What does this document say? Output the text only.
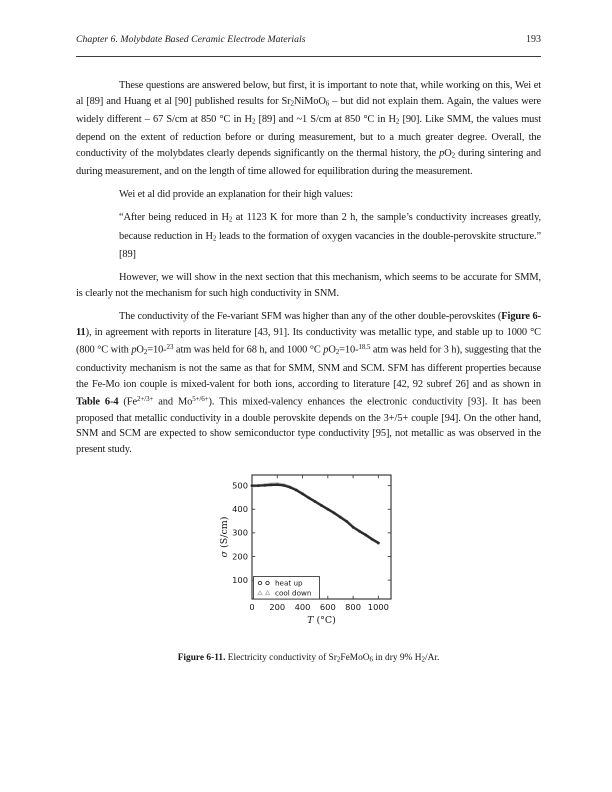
Chapter 6. Molybdate Based Ceramic Electrode Materials	193

These questions are answered below, but first, it is important to note that, while working on this, Wei et al [89] and Huang et al [90] published results for Sr2NiMoO6 – but did not explain them. Again, the values were widely different – 67 S/cm at 850 °C in H2 [89] and ~1 S/cm at 850 °C in H2 [90]. Like SMM, the values must depend on the extent of reduction before or during measurement, but to a much greater degree. Overall, the conductivity of the molybdates clearly depends significantly on the thermal history, the pO2 during sintering and during measurement, and on the length of time allowed for equilibration during the measurement.

Wei et al did provide an explanation for their high values:

“After being reduced in H2 at 1123 K for more than 2 h, the sample’s conductivity increases greatly, because reduction in H2 leads to the formation of oxygen vacancies in the double-perovskite structure.” [89]

However, we will show in the next section that this mechanism, which seems to be accurate for SMM, is clearly not the mechanism for such high conductivity in SNM.

The conductivity of the Fe-variant SFM was higher than any of the other double-perovskites (Figure 6-11), in agreement with reports in literature [43, 91]. Its conductivity was metallic type, and stable up to 1000 °C (800 °C with pO2=10-$^{23}$ atm was held for 68 h, and 1000 °C pO2=10-$^{18.5}$ atm was held for 3 h), suggesting that the conductivity mechanism is not the same as that for SMM, SNM and SCM. SFM has different properties because the Fe-Mo ion couple is mixed-valent for both ions, according to literature [42, 92 subref 26] and as shown in Table 6-4 ($Fe^{2+/3+}$ and $Mo^{5+/6+}$). This mixed-valency enhances the electronic conductivity [93]. It has been proposed that metallic conductivity in a double perovskite depends on the 3+/5+ couple [94]. On the other hand, SNM and SCM are expected to show semiconductor type conductivity [95], not metallic as was observed in the present study.

0 200 400 600 800 1000
100
200
300
400
500
heat up
cool down
T (°C)
σ (S/cm)
Figure 6-11. Electricity conductivity of Sr2FeMoO6 in dry 9% H2/Ar.
